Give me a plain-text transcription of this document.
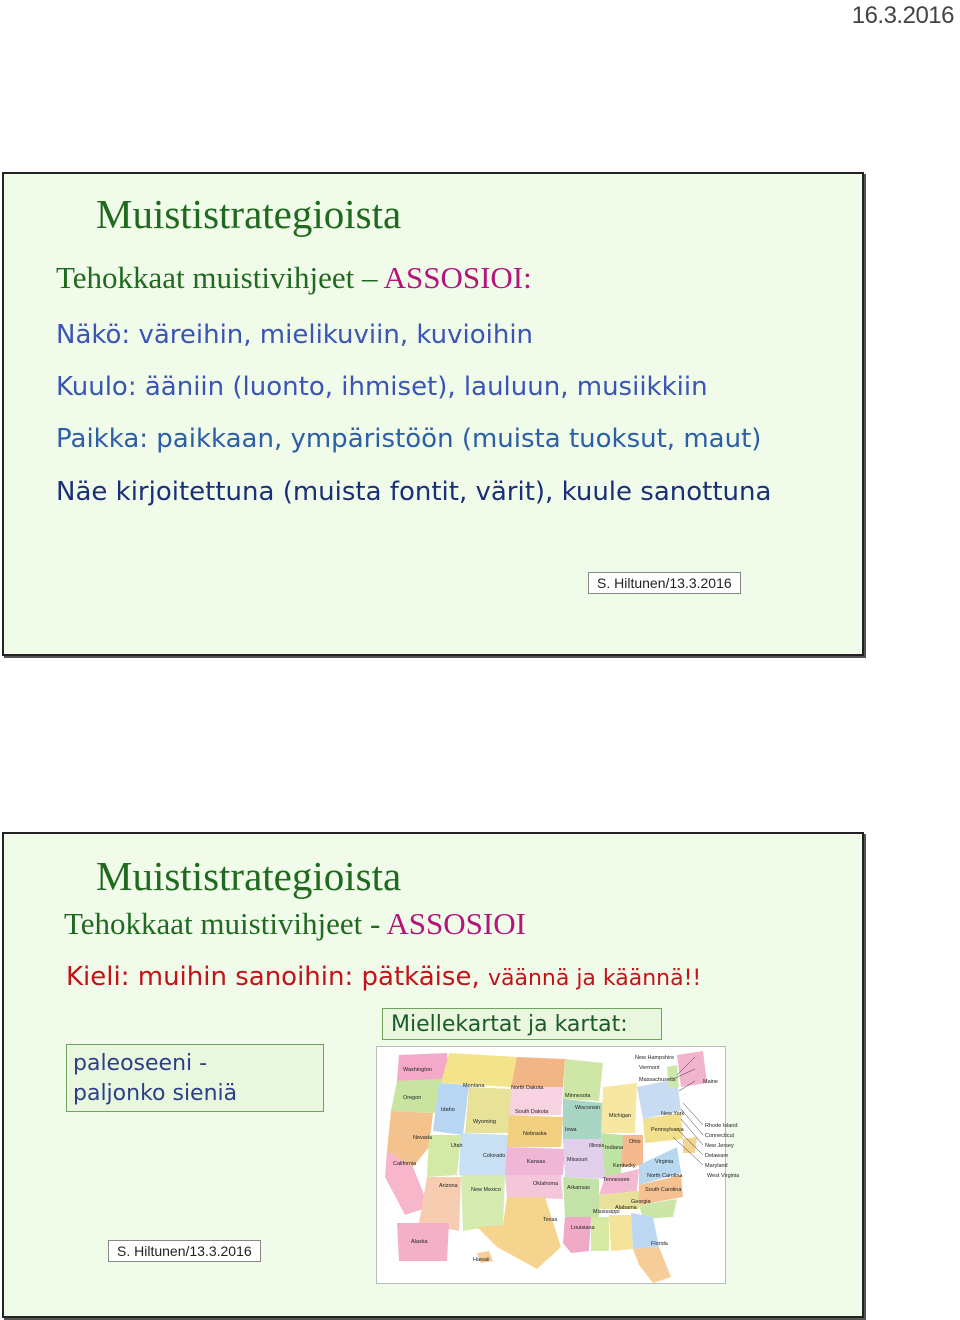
16.3.2016
Muististrategioista
Tehokkaat muistivihjeet – ASSOSIOI:
Näkö: väreihin, mielikuviin, kuvioihin
Kuulo: ääniin (luonto, ihmiset), lauluun, musiikkiin
Paikka: paikkaan, ympäristöön (muista tuoksut, maut)
Näe kirjoitettuna (muista fontit, värit), kuule sanottuna
S. Hiltunen/13.3.2016
Muististrategioista
Tehokkaat muistivihjeet - ASSOSIOI
Kieli: muihin sanoihin: pätkäise, väännä ja käännä!!
Miellekartat ja kartat:
paleoseeni -
paljonko sieniä
Washington
Montana	North Dakota
Minnesota
Oregon
Idaho	South Dakota
Wisconsin
Michigan	New York
Wyoming
Nebraska
Iowa
Nevada
Utah
Colorado
Illinois Indiana
Ohio
Pennsylvania
California	Kansas	Missouri
Kentucky
Virginia
Arizona
New Mexico
Oklahoma
Arkansas
Tennessee
North Carolina
Texas
Louisiana
Mississippi
Alabama
Georgia
South Carolina
Florida
Alaska
Hawaii
Maine
New Hampshire
Vermont
Massachusetts
Rhode Island
Connecticut
New Jersey
Delaware
Maryland
West Virginia
S. Hiltunen/13.3.2016
